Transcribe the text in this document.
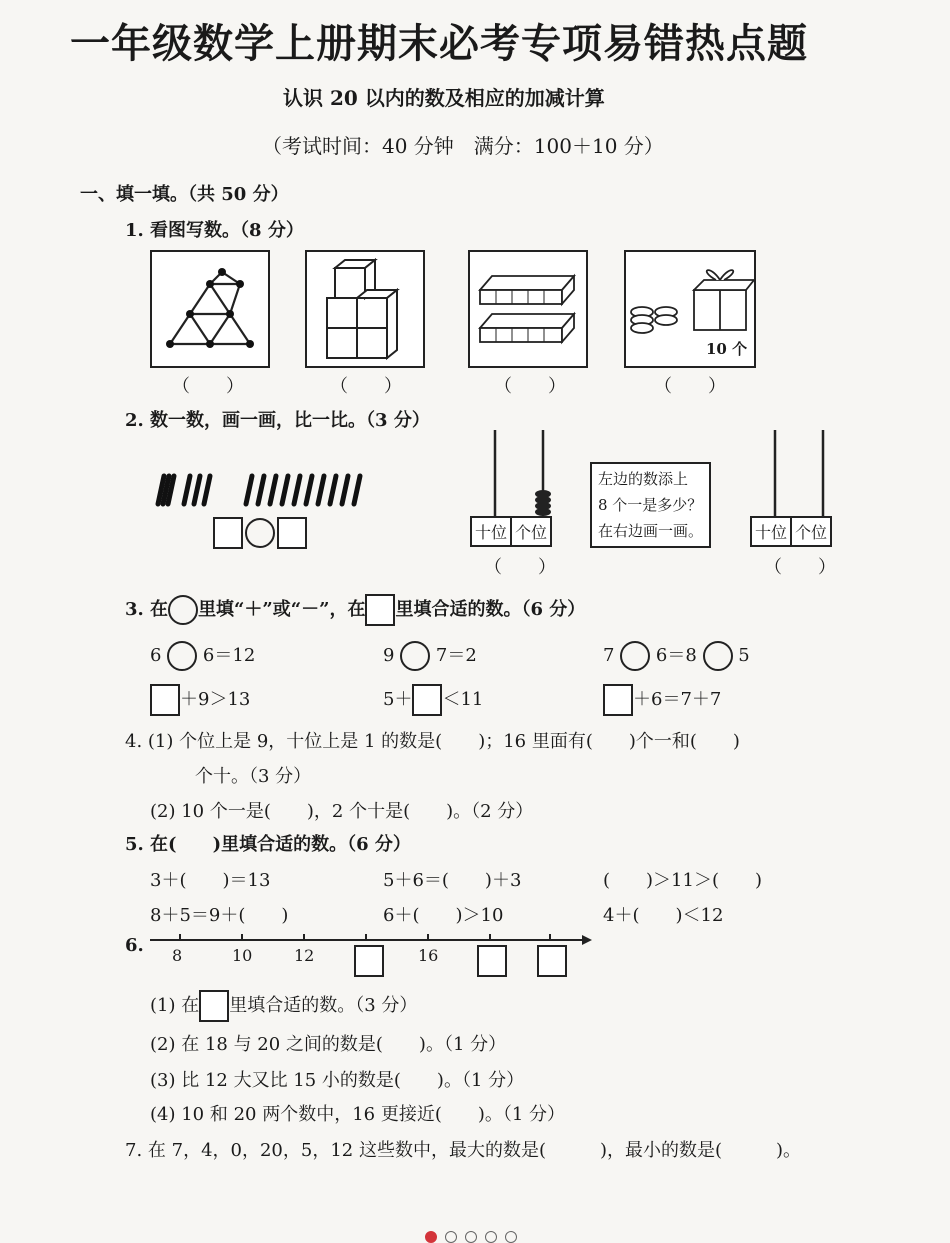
一年级数学上册期末必考专项易错热点题
认识 20 以内的数及相应的加减计算
（考试时间：40 分钟　满分：100＋10 分）
一、填一填。（共 50 分）
1. 看图写数。（8 分）
10 个
（　　）	（　　）	（　　）	（　　）
2. 数一数，画一画，比一比。（3 分）
十位 个位
（　　）
左边的数添上
8 个一是多少？
在右边画一画。	十位 个位
（　　）
3. 在 里填“＋”或“－”，在 里填合适的数。（6 分）
6 6＝12	9 7＝2	7 6＝8 5
＋9＞13	5＋ ＜11	＋6＝7＋7
4. (1) 个位上是 9，十位上是 1 的数是(　　)；16 里面有(　　)个一和(　　)
个十。（3 分）
(2) 10 个一是(　　)，2 个十是(　　)。（2 分）
5. 在(　　)里填合适的数。（6 分）
3＋(　　)＝13	5＋6＝(　　)＋3	(　　)＞11＞(　　)
8＋5＝9＋(　　)	6＋(　　)＞10	4＋(　　)＜12
6. 8	10	12	16
(1) 在 里填合适的数。（3 分）
(2) 在 18 与 20 之间的数是(　　)。（1 分）
(3) 比 12 大又比 15 小的数是(　　)。（1 分）
(4) 10 和 20 两个数中，16 更接近(　　)。（1 分）
7. 在 7，4，0，20，5，12 这些数中，最大的数是(　　　)，最小的数是(　　　)。
